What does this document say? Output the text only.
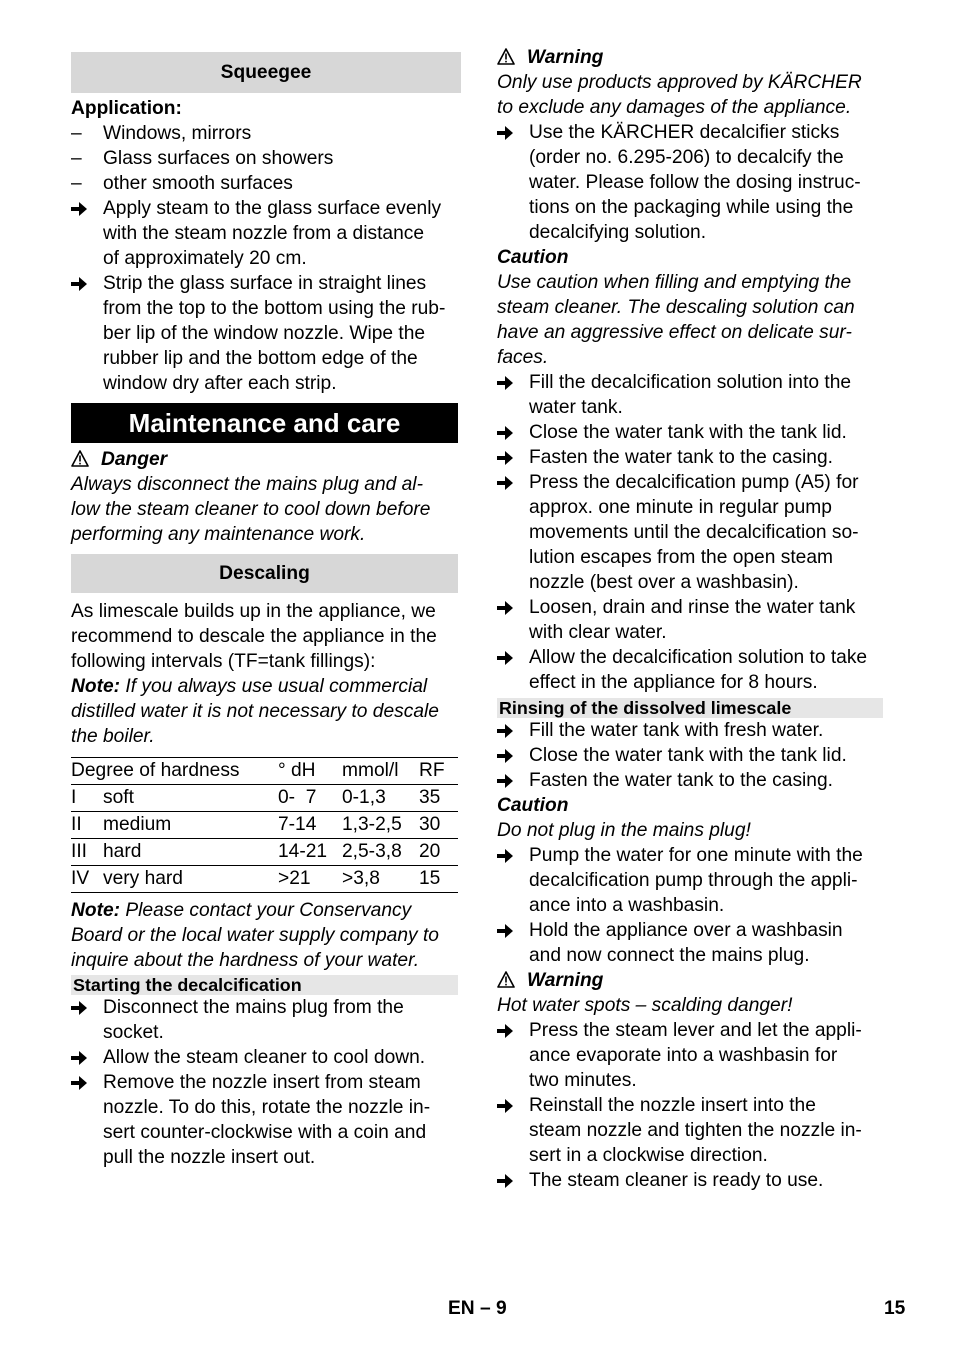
Squeegee
Application:
–	Windows, mirrors
–	Glass surfaces on showers
–	other smooth surfaces
Apply steam to the glass surface evenly
with the steam nozzle from a distance
of approximately 20 cm.
Strip the glass surface in straight lines
from the top to the bottom using the rub-
ber lip of the window nozzle. Wipe the
rubber lip and the bottom edge of the
window dry after each strip.
Maintenance and care
Danger
Always disconnect the mains plug and al-
low the steam cleaner to cool down before
performing any maintenance work.
Descaling
As limescale builds up in the appliance, we
recommend to descale the appliance in the
following intervals (TF=tank fillings):
Note: If you always use usual commercial
distilled water it is not necessary to descale
the boiler.
Degree of hardness		° dH	mmol/l	RF
I	soft	0-  7	0-1,3	35
II	medium	7-14	1,3-2,5	30
III	hard	14-21	2,5-3,8	20
IV	very hard	>21	>3,8	15
Note: Please contact your Conservancy
Board or the local water supply company to
inquire about the hardness of your water.
Starting the decalcification
Disconnect the mains plug from the
socket.
Allow the steam cleaner to cool down.
Remove the nozzle insert from steam
nozzle. To do this, rotate the nozzle in-
sert counter-clockwise with a coin and
pull the nozzle insert out.
Warning
Only use products approved by KÄRCHER
to exclude any damages of the appliance.
Use the KÄRCHER decalcifier sticks
(order no. 6.295-206) to decalcify the
water. Please follow the dosing instruc-
tions on the packaging while using the
decalcifying solution.
Caution
Use caution when filling and emptying the
steam cleaner. The descaling solution can
have an aggressive effect on delicate sur-
faces.
Fill the decalcification solution into the
water tank.
Close the water tank with the tank lid.
Fasten the water tank to the casing.
Press the decalcification pump (A5) for
approx. one minute in regular pump
movements until the decalcification so-
lution escapes from the open steam
nozzle (best over a washbasin).
Loosen, drain and rinse the water tank
with clear water.
Allow the decalcification solution to take
effect in the appliance for 8 hours.
Rinsing of the dissolved limescale
Fill the water tank with fresh water.
Close the water tank with the tank lid.
Fasten the water tank to the casing.
Caution
Do not plug in the mains plug!
Pump the water for one minute with the
decalcification pump through the appli-
ance into a washbasin.
Hold the appliance over a washbasin
and now connect the mains plug.
Warning
Hot water spots – scalding danger!
Press the steam lever and let the appli-
ance evaporate into a washbasin for
two minutes.
Reinstall the nozzle insert into the
steam nozzle and tighten the nozzle in-
sert in a clockwise direction.
The steam cleaner is ready to use.
EN – 9	15
